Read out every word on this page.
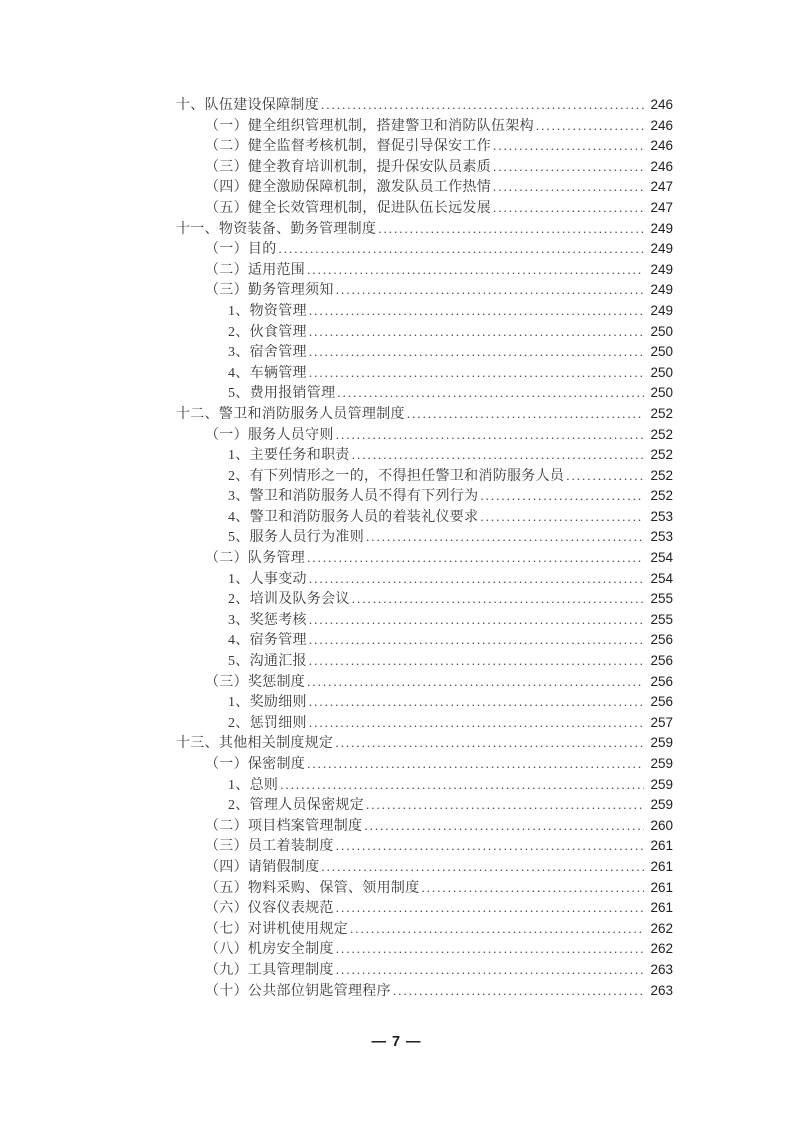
十、队伍建设保障制度 .....	246
（一）健全组织管理机制，搭建警卫和消防队伍架构 .....	246
（二）健全监督考核机制，督促引导保安工作 .....	246
（三）健全教育培训机制，提升保安队员素质 .....	246
（四）健全激励保障机制，激发队员工作热情 .....	247
（五）健全长效管理机制，促进队伍长远发展 .....	247
十一、物资装备、勤务管理制度 .....	249
（一）目的 .....	249
（二）适用范围 .....	249
（三）勤务管理须知 .....	249
1、物资管理 .....	249
2、伙食管理 .....	250
3、宿舍管理 .....	250
4、车辆管理 .....	250
5、费用报销管理 .....	250
十二、警卫和消防服务人员管理制度 .....	252
（一）服务人员守则 .....	252
1、主要任务和职责 .....	252
2、有下列情形之一的，不得担任警卫和消防服务人员 .....	252
3、警卫和消防服务人员不得有下列行为 .....	252
4、警卫和消防服务人员的着装礼仪要求 .....	253
5、服务人员行为准则 .....	253
（二）队务管理 .....	254
1、人事变动 .....	254
2、培训及队务会议 .....	255
3、奖惩考核 .....	255
4、宿务管理 .....	256
5、沟通汇报 .....	256
（三）奖惩制度 .....	256
1、奖励细则 .....	256
2、惩罚细则 .....	257
十三、其他相关制度规定 .....	259
（一）保密制度 .....	259
1、总则 .....	259
2、管理人员保密规定 .....	259
（二）项目档案管理制度 .....	260
（三）员工着装制度 .....	261
（四）请销假制度 .....	261
（五）物料采购、保管、领用制度 .....	261
（六）仪容仪表规范 .....	261
（七）对讲机使用规定 .....	262
（八）机房安全制度 .....	262
（九）工具管理制度 .....	263
（十）公共部位钥匙管理程序 .....	263
— 7 —
